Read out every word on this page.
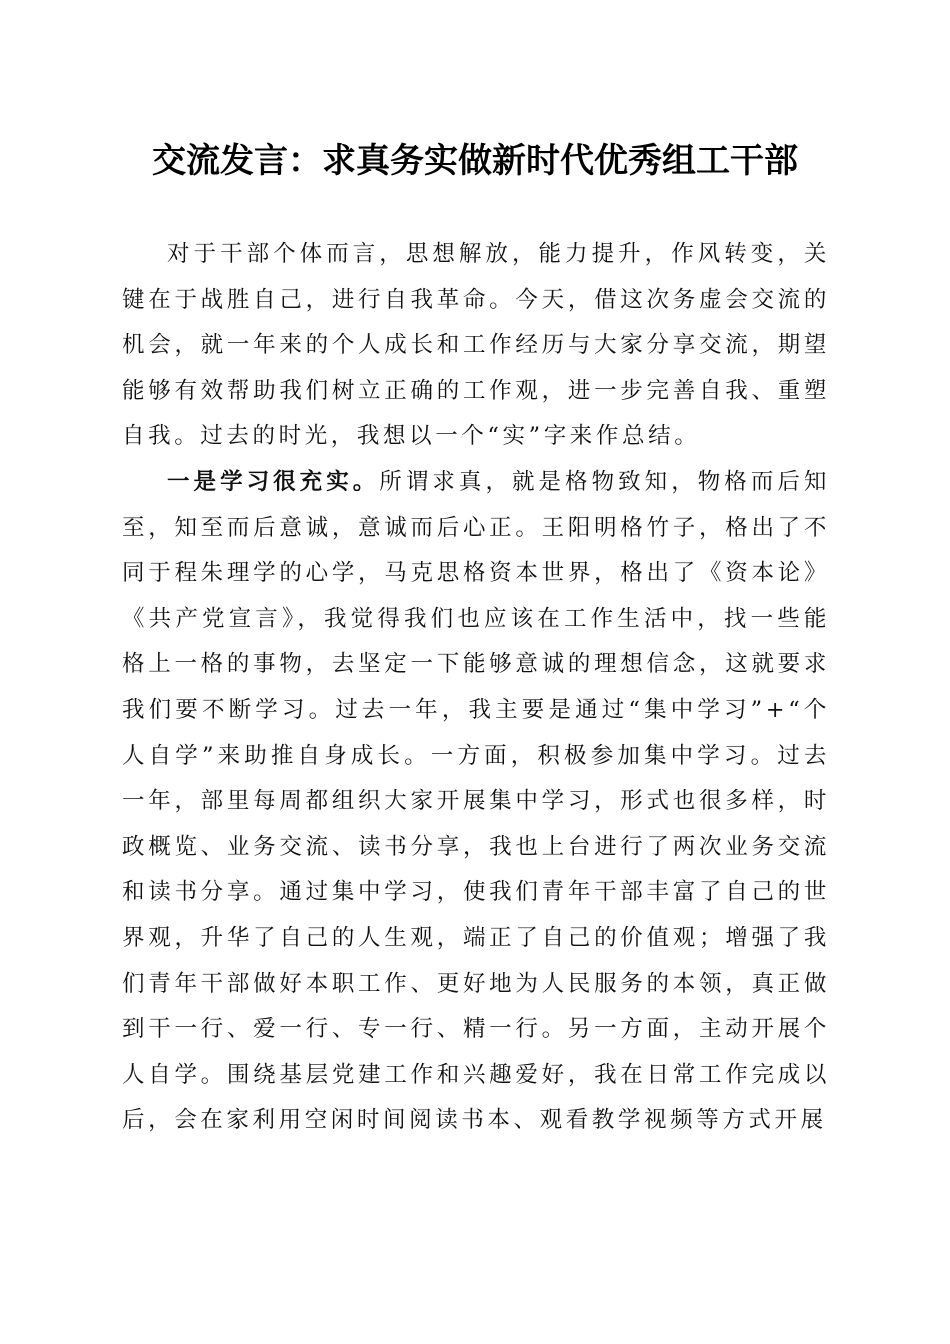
交流发言：求真务实做新时代优秀组工干部

对于干部个体而言，思想解放，能力提升，作风转变，关键在于战胜自己，进行自我革命。今天，借这次务虚会交流的机会，就一年来的个人成长和工作经历与大家分享交流，期望能够有效帮助我们树立正确的工作观，进一步完善自我、重塑自我。过去的时光，我想以一个“实”字来作总结。

一是学习很充实。所谓求真，就是格物致知，物格而后知至，知至而后意诚，意诚而后心正。王阳明格竹子，格出了不同于程朱理学的心学，马克思格资本世界，格出了《资本论》《共产党宣言》，我觉得我们也应该在工作生活中，找一些能格上一格的事物，去坚定一下能够意诚的理想信念，这就要求我们要不断学习。过去一年，我主要是通过“集中学习”+“个人自学”来助推自身成长。一方面，积极参加集中学习。过去一年，部里每周都组织大家开展集中学习，形式也很多样，时政概览、业务交流、读书分享，我也上台进行了两次业务交流和读书分享。通过集中学习，使我们青年干部丰富了自己的世界观，升华了自己的人生观，端正了自己的价值观；增强了我们青年干部做好本职工作、更好地为人民服务的本领，真正做到干一行、爱一行、专一行、精一行。另一方面，主动开展个人自学。围绕基层党建工作和兴趣爱好，我在日常工作完成以后，会在家利用空闲时间阅读书本、观看教学视频等方式开展
